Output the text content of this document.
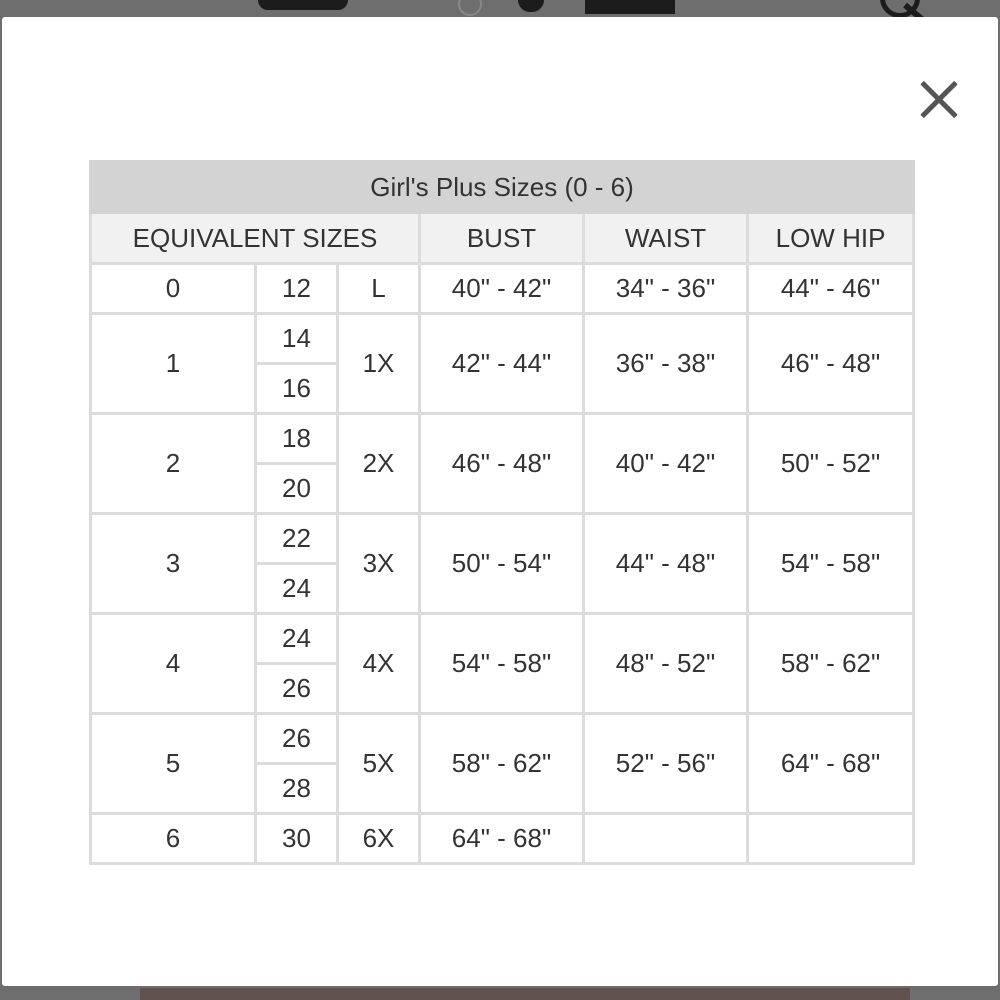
Girl's Plus Sizes (0 - 6)					
EQUIVALENT SIZES			BUST	WAIST	LOW HIP
0	12	L	40" - 42"	34" - 36"	44" - 46"
1	14	1X	42" - 44"	36" - 38"	46" - 48"
	16				
2	18	2X	46" - 48"	40" - 42"	50" - 52"
	20				
3	22	3X	50" - 54"	44" - 48"	54" - 58"
	24				
4	24	4X	54" - 58"	48" - 52"	58" - 62"
	26				
5	26	5X	58" - 62"	52" - 56"	64" - 68"
	28				
6	30	6X	64" - 68"		
